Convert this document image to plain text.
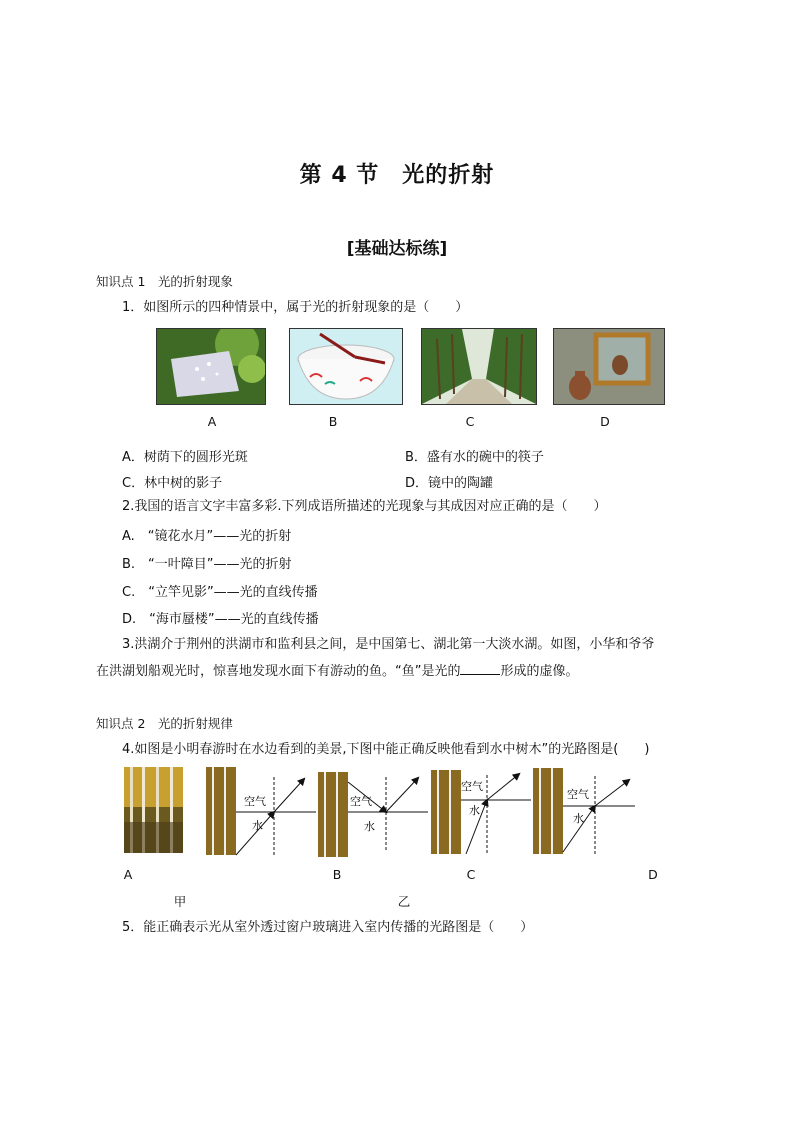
第 4 节　光的折射
[基础达标练]
知识点 1　光的折射现象
1．如图所示的四种情景中，属于光的折射现象的是（　　）
A	B	C	D
A．树荫下的圆形光斑	B．盛有水的碗中的筷子
C．林中树的影子	D．镜中的陶罐
2.我国的语言文字丰富多彩.下列成语所描述的光现象与其成因对应正确的是（　　）
A.　“镜花水月”——光的折射
B.　“一叶障目”——光的折射
C.　“立竿见影”——光的直线传播
D.　“海市蜃楼”——光的直线传播
3.洪湖介于荆州的洪湖市和监利县之间，是中国第七、湖北第一大淡水湖。如图，小华和爷爷
在洪湖划船观光时，惊喜地发现水面下有游动的鱼。“鱼”是光的	形成的虚像。
知识点 2　光的折射规律
4.如图是小明春游时在水边看到的美景,下图中能正确反映他看到水中树木”的光路图是(　　)
空气
水
空气
水
空气
水
空气
水
A	B	C	D
甲	乙
5．能正确表示光从室外透过窗户玻璃进入室内传播的光路图是（　　）
